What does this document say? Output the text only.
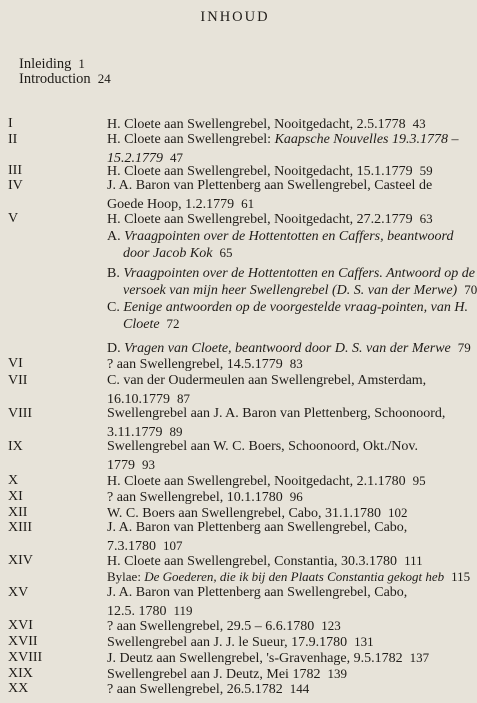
INHOUD
Inleiding 1
Introduction 24
I	H. Cloete aan Swellengrebel, Nooitgedacht, 2.5.1778 43
II	H. Cloete aan Swellengrebel: Kaapsche Nouvelles 19.3.1778 –
15.2.1779 47
III	H. Cloete aan Swellengrebel, Nooitgedacht, 15.1.1779 59
IV	J. A. Baron van Plettenberg aan Swellengrebel, Casteel de
Goede Hoop, 1.2.1779 61
V	H. Cloete aan Swellengrebel, Nooitgedacht, 27.2.1779 63
A. Vraagpointen over de Hottentotten en Caffers, beantwoord
door Jacob Kok 65
B. Vraagpointen over de Hottentotten en Caffers. Antwoord op de
versoek van mijn heer Swellengrebel (D. S. van der Merwe) 70
C. Eenige antwoorden op de voorgestelde vraag-pointen, van H.
Cloete 72
D. Vragen van Cloete, beantwoord door D. S. van der Merwe 79
VI	? aan Swellengrebel, 14.5.1779 83
VII	C. van der Oudermeulen aan Swellengrebel, Amsterdam,
16.10.1779 87
VIII	Swellengrebel aan J. A. Baron van Plettenberg, Schoonoord,
3.11.1779 89
IX	Swellengrebel aan W. C. Boers, Schoonoord, Okt./Nov.
1779 93
X	H. Cloete aan Swellengrebel, Nooitgedacht, 2.1.1780 95
XI	? aan Swellengrebel, 10.1.1780 96
XII	W. C. Boers aan Swellengrebel, Cabo, 31.1.1780 102
XIII	J. A. Baron van Plettenberg aan Swellengrebel, Cabo,
7.3.1780 107
XIV	H. Cloete aan Swellengrebel, Constantia, 30.3.1780 111
Bylae: De Goederen, die ik bij den Plaats Constantia gekogt heb 115
XV	J. A. Baron van Plettenberg aan Swellengrebel, Cabo,
12.5. 1780 119
XVI	? aan Swellengrebel, 29.5 – 6.6.1780 123
XVII	Swellengrebel aan J. J. le Sueur, 17.9.1780 131
XVIII	J. Deutz aan Swellengrebel, 's-Gravenhage, 9.5.1782 137
XIX	Swellengrebel aan J. Deutz, Mei 1782 139
XX	? aan Swellengrebel, 26.5.1782 144
